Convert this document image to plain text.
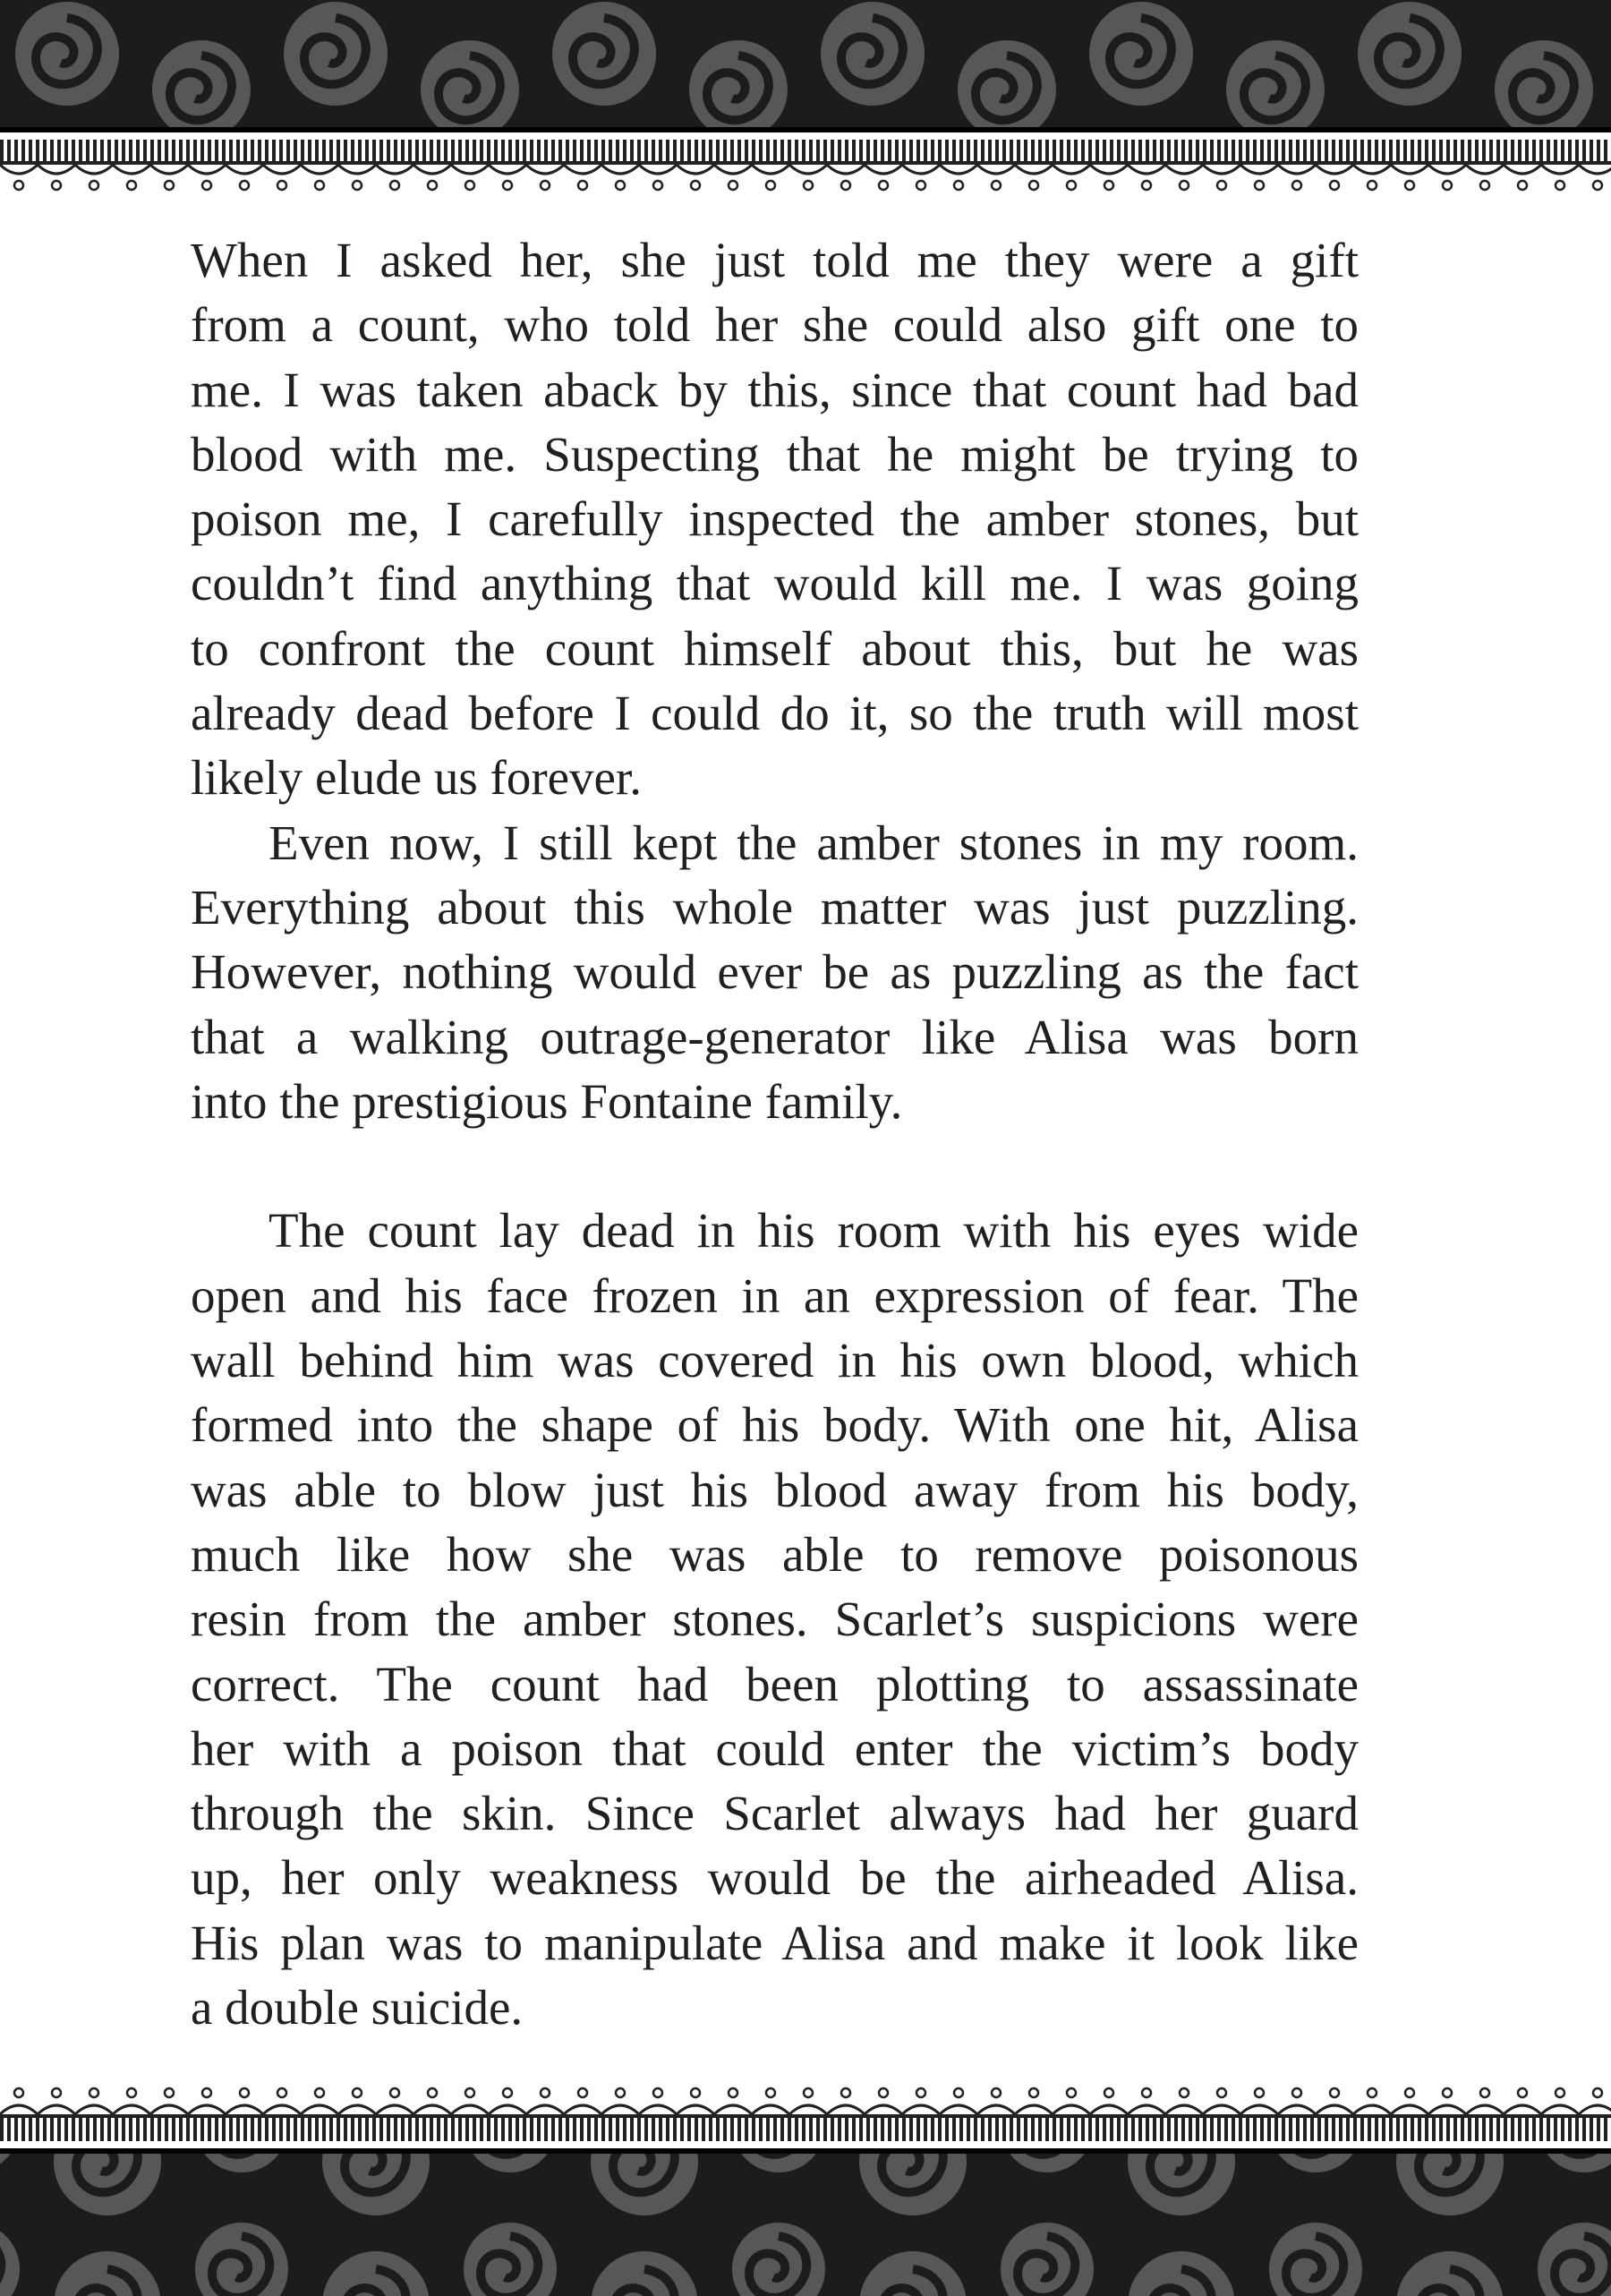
When I asked her, she just told me they were a gift
from a count, who told her she could also gift one to
me. I was taken aback by this, since that count had bad
blood with me. Suspecting that he might be trying to
poison me, I carefully inspected the amber stones, but
couldn’t find anything that would kill me. I was going
to confront the count himself about this, but he was
already dead before I could do it, so the truth will most
likely elude us forever.
Even now, I still kept the amber stones in my room.
Everything about this whole matter was just puzzling.
However, nothing would ever be as puzzling as the fact
that a walking outrage-generator like Alisa was born
into the prestigious Fontaine family.
The count lay dead in his room with his eyes wide
open and his face frozen in an expression of fear. The
wall behind him was covered in his own blood, which
formed into the shape of his body. With one hit, Alisa
was able to blow just his blood away from his body,
much like how she was able to remove poisonous
resin from the amber stones. Scarlet’s suspicions were
correct. The count had been plotting to assassinate
her with a poison that could enter the victim’s body
through the skin. Since Scarlet always had her guard
up, her only weakness would be the airheaded Alisa.
His plan was to manipulate Alisa and make it look like
a double suicide.
